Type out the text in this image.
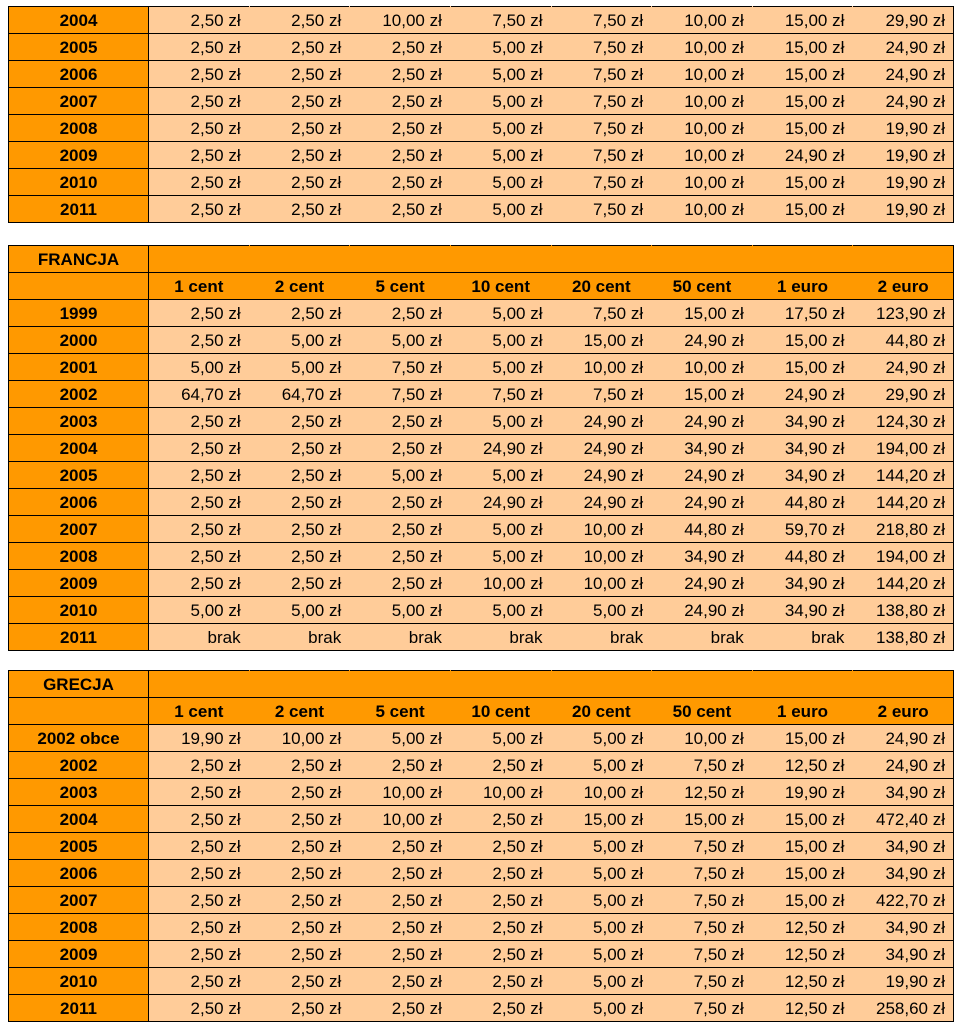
2004	2,50 zł	2,50 zł	10,00 zł	7,50 zł	7,50 zł	10,00 zł	15,00 zł	29,90 zł
2005	2,50 zł	2,50 zł	2,50 zł	5,00 zł	7,50 zł	10,00 zł	15,00 zł	24,90 zł
2006	2,50 zł	2,50 zł	2,50 zł	5,00 zł	7,50 zł	10,00 zł	15,00 zł	24,90 zł
2007	2,50 zł	2,50 zł	2,50 zł	5,00 zł	7,50 zł	10,00 zł	15,00 zł	24,90 zł
2008	2,50 zł	2,50 zł	2,50 zł	5,00 zł	7,50 zł	10,00 zł	15,00 zł	19,90 zł
2009	2,50 zł	2,50 zł	2,50 zł	5,00 zł	7,50 zł	10,00 zł	24,90 zł	19,90 zł
2010	2,50 zł	2,50 zł	2,50 zł	5,00 zł	7,50 zł	10,00 zł	15,00 zł	19,90 zł
2011	2,50 zł	2,50 zł	2,50 zł	5,00 zł	7,50 zł	10,00 zł	15,00 zł	19,90 zł
FRANCJA								
	1 cent	2 cent	5 cent	10 cent	20 cent	50 cent	1 euro	2 euro
1999	2,50 zł	2,50 zł	2,50 zł	5,00 zł	7,50 zł	15,00 zł	17,50 zł	123,90 zł
2000	2,50 zł	5,00 zł	5,00 zł	5,00 zł	15,00 zł	24,90 zł	15,00 zł	44,80 zł
2001	5,00 zł	5,00 zł	7,50 zł	5,00 zł	10,00 zł	10,00 zł	15,00 zł	24,90 zł
2002	64,70 zł	64,70 zł	7,50 zł	7,50 zł	7,50 zł	15,00 zł	24,90 zł	29,90 zł
2003	2,50 zł	2,50 zł	2,50 zł	5,00 zł	24,90 zł	24,90 zł	34,90 zł	124,30 zł
2004	2,50 zł	2,50 zł	2,50 zł	24,90 zł	24,90 zł	34,90 zł	34,90 zł	194,00 zł
2005	2,50 zł	2,50 zł	5,00 zł	5,00 zł	24,90 zł	24,90 zł	34,90 zł	144,20 zł
2006	2,50 zł	2,50 zł	2,50 zł	24,90 zł	24,90 zł	24,90 zł	44,80 zł	144,20 zł
2007	2,50 zł	2,50 zł	2,50 zł	5,00 zł	10,00 zł	44,80 zł	59,70 zł	218,80 zł
2008	2,50 zł	2,50 zł	2,50 zł	5,00 zł	10,00 zł	34,90 zł	44,80 zł	194,00 zł
2009	2,50 zł	2,50 zł	2,50 zł	10,00 zł	10,00 zł	24,90 zł	34,90 zł	144,20 zł
2010	5,00 zł	5,00 zł	5,00 zł	5,00 zł	5,00 zł	24,90 zł	34,90 zł	138,80 zł
2011	brak	brak	brak	brak	brak	brak	brak	138,80 zł
GRECJA								
	1 cent	2 cent	5 cent	10 cent	20 cent	50 cent	1 euro	2 euro
2002 obce	19,90 zł	10,00 zł	5,00 zł	5,00 zł	5,00 zł	10,00 zł	15,00 zł	24,90 zł
2002	2,50 zł	2,50 zł	2,50 zł	2,50 zł	5,00 zł	7,50 zł	12,50 zł	24,90 zł
2003	2,50 zł	2,50 zł	10,00 zł	10,00 zł	10,00 zł	12,50 zł	19,90 zł	34,90 zł
2004	2,50 zł	2,50 zł	10,00 zł	2,50 zł	15,00 zł	15,00 zł	15,00 zł	472,40 zł
2005	2,50 zł	2,50 zł	2,50 zł	2,50 zł	5,00 zł	7,50 zł	15,00 zł	34,90 zł
2006	2,50 zł	2,50 zł	2,50 zł	2,50 zł	5,00 zł	7,50 zł	15,00 zł	34,90 zł
2007	2,50 zł	2,50 zł	2,50 zł	2,50 zł	5,00 zł	7,50 zł	15,00 zł	422,70 zł
2008	2,50 zł	2,50 zł	2,50 zł	2,50 zł	5,00 zł	7,50 zł	12,50 zł	34,90 zł
2009	2,50 zł	2,50 zł	2,50 zł	2,50 zł	5,00 zł	7,50 zł	12,50 zł	34,90 zł
2010	2,50 zł	2,50 zł	2,50 zł	2,50 zł	5,00 zł	7,50 zł	12,50 zł	19,90 zł
2011	2,50 zł	2,50 zł	2,50 zł	2,50 zł	5,00 zł	7,50 zł	12,50 zł	258,60 zł
